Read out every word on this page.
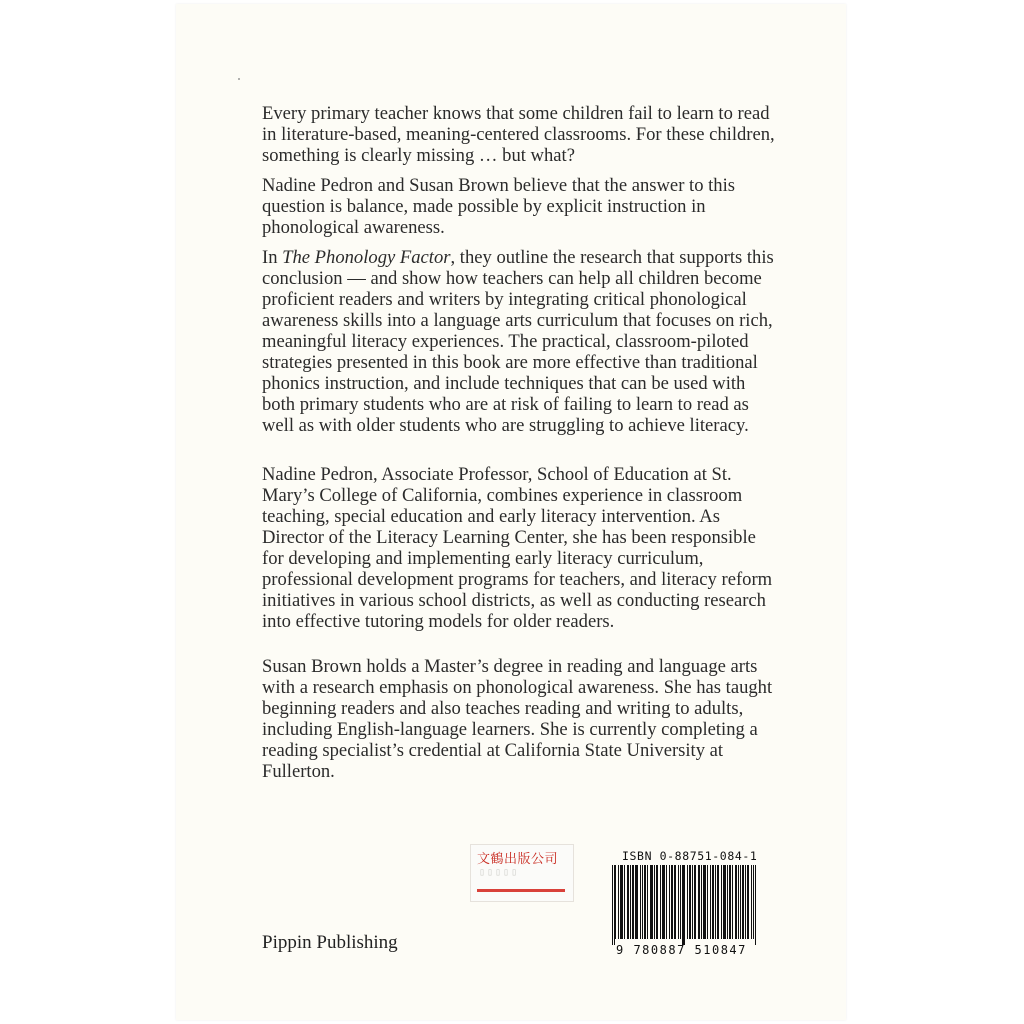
Every primary teacher knows that some children fail to learn to read in literature-based, meaning-centered classrooms. For these children, something is clearly missing … but what?

Nadine Pedron and Susan Brown believe that the answer to this question is balance, made possible by explicit instruction in phonological awareness.

In The Phonology Factor, they outline the research that supports this conclusion — and show how teachers can help all children become proficient readers and writers by integrating critical phonological awareness skills into a language arts curriculum that focuses on rich, meaningful literacy experiences. The practical, classroom-piloted strategies presented in this book are more effective than traditional phonics instruction, and include techniques that can be used with both primary students who are at risk of failing to learn to read as well as with older students who are struggling to achieve literacy.

Nadine Pedron, Associate Professor, School of Education at St. Mary’s College of California, combines experience in classroom teaching, special education and early literacy intervention. As Director of the Literacy Learning Center, she has been responsible for developing and implementing early literacy curriculum, professional development programs for teachers, and literacy reform initiatives in various school districts, as well as conducting research into effective tutoring models for older readers.

Susan Brown holds a Master’s degree in reading and language arts with a research emphasis on phonological awareness. She has taught beginning readers and also teaches reading and writing to adults, including English-language learners. She is currently completing a reading specialist’s credential at California State University at Fullerton.

文鶴出版公司
▯▯▯▯▯
ISBN 0-88751-084-1
9 780887 510847
Pippin Publishing
